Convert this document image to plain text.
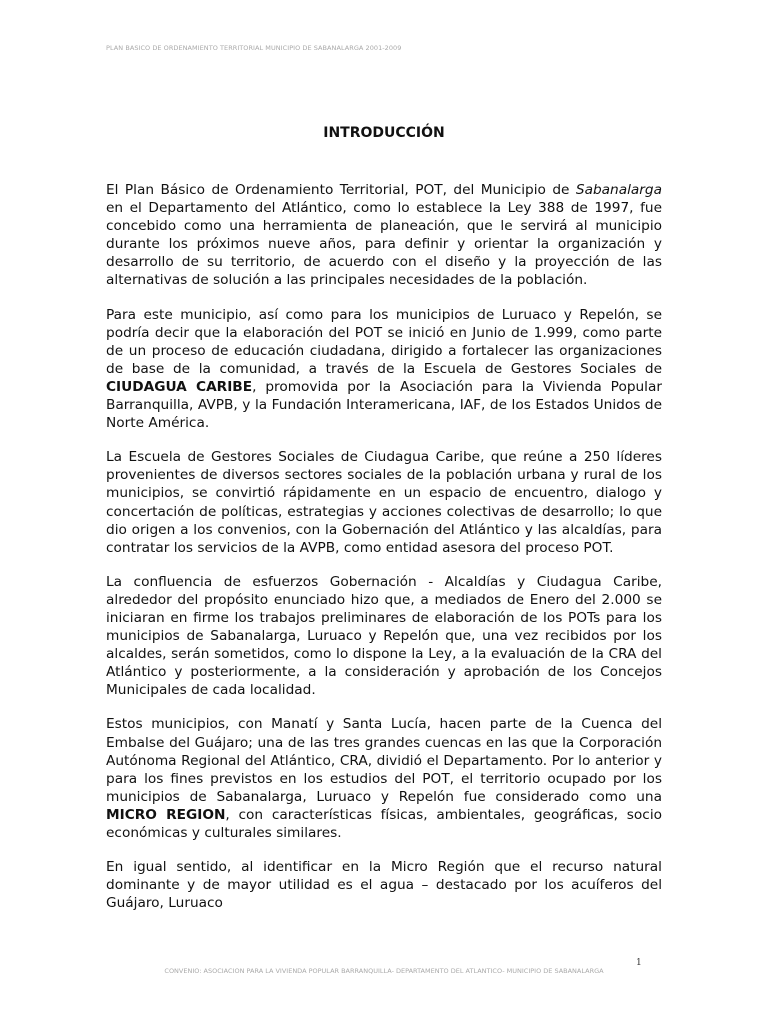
PLAN BASICO DE ORDENAMIENTO TERRITORIAL MUNICIPIO DE SABANALARGA 2001-2009
INTRODUCCIÓN

El Plan Básico de Ordenamiento Territorial, POT, del Municipio de Sabanalarga en el Departamento del Atlántico, como lo establece la Ley 388 de 1997, fue concebido como una herramienta de planeación, que le servirá al municipio durante los próximos nueve años, para definir y orientar la organización y desarrollo de su territorio, de acuerdo con el diseño y la proyección de las alternativas de solución a las principales necesidades de la población.

Para este municipio, así como para los municipios de Luruaco y Repelón, se podría decir que la elaboración del POT se inició en Junio de 1.999, como parte de un proceso de educación ciudadana, dirigido a fortalecer las organizaciones de base de la comunidad, a través de la Escuela de Gestores Sociales de CIUDAGUA CARIBE, promovida por la Asociación para la Vivienda Popular Barranquilla, AVPB, y la Fundación Interamericana, IAF, de los Estados Unidos de Norte América.

La Escuela de Gestores Sociales de Ciudagua Caribe, que reúne a 250 líderes provenientes de diversos sectores sociales de la población urbana y rural de los municipios, se convirtió rápidamente en un espacio de encuentro, dialogo y concertación de políticas, estrategias y acciones colectivas de desarrollo; lo que dio origen a los convenios, con la Gobernación del Atlántico y las alcaldías, para contratar los servicios de la AVPB, como entidad asesora del proceso POT.

La confluencia de esfuerzos Gobernación - Alcaldías y Ciudagua Caribe, alrededor del propósito enunciado hizo que, a mediados de Enero del 2.000 se iniciaran en firme los trabajos preliminares de elaboración de los POTs para los municipios de Sabanalarga, Luruaco y Repelón que, una vez recibidos por los alcaldes, serán sometidos, como lo dispone la Ley, a la evaluación de la CRA del Atlántico y posteriormente, a la consideración y aprobación de los Concejos Municipales de cada localidad.

Estos municipios, con Manatí y Santa Lucía, hacen parte de la Cuenca del Embalse del Guájaro; una de las tres grandes cuencas en las que la Corporación Autónoma Regional del Atlántico, CRA, dividió el Departamento. Por lo anterior y para los fines previstos en los estudios del POT, el territorio ocupado por los municipios de Sabanalarga, Luruaco y Repelón fue considerado como una MICRO REGION, con características físicas, ambientales, geográficas, socio económicas y culturales similares.

En igual sentido, al identificar en la Micro Región que el recurso natural dominante y de mayor utilidad es el agua – destacado por los acuíferos del Guájaro, Luruaco

1
CONVENIO: ASOCIACION PARA LA VIVIENDA POPULAR BARRANQUILLA- DEPARTAMENTO DEL ATLANTICO- MUNICIPIO DE SABANALARGA
